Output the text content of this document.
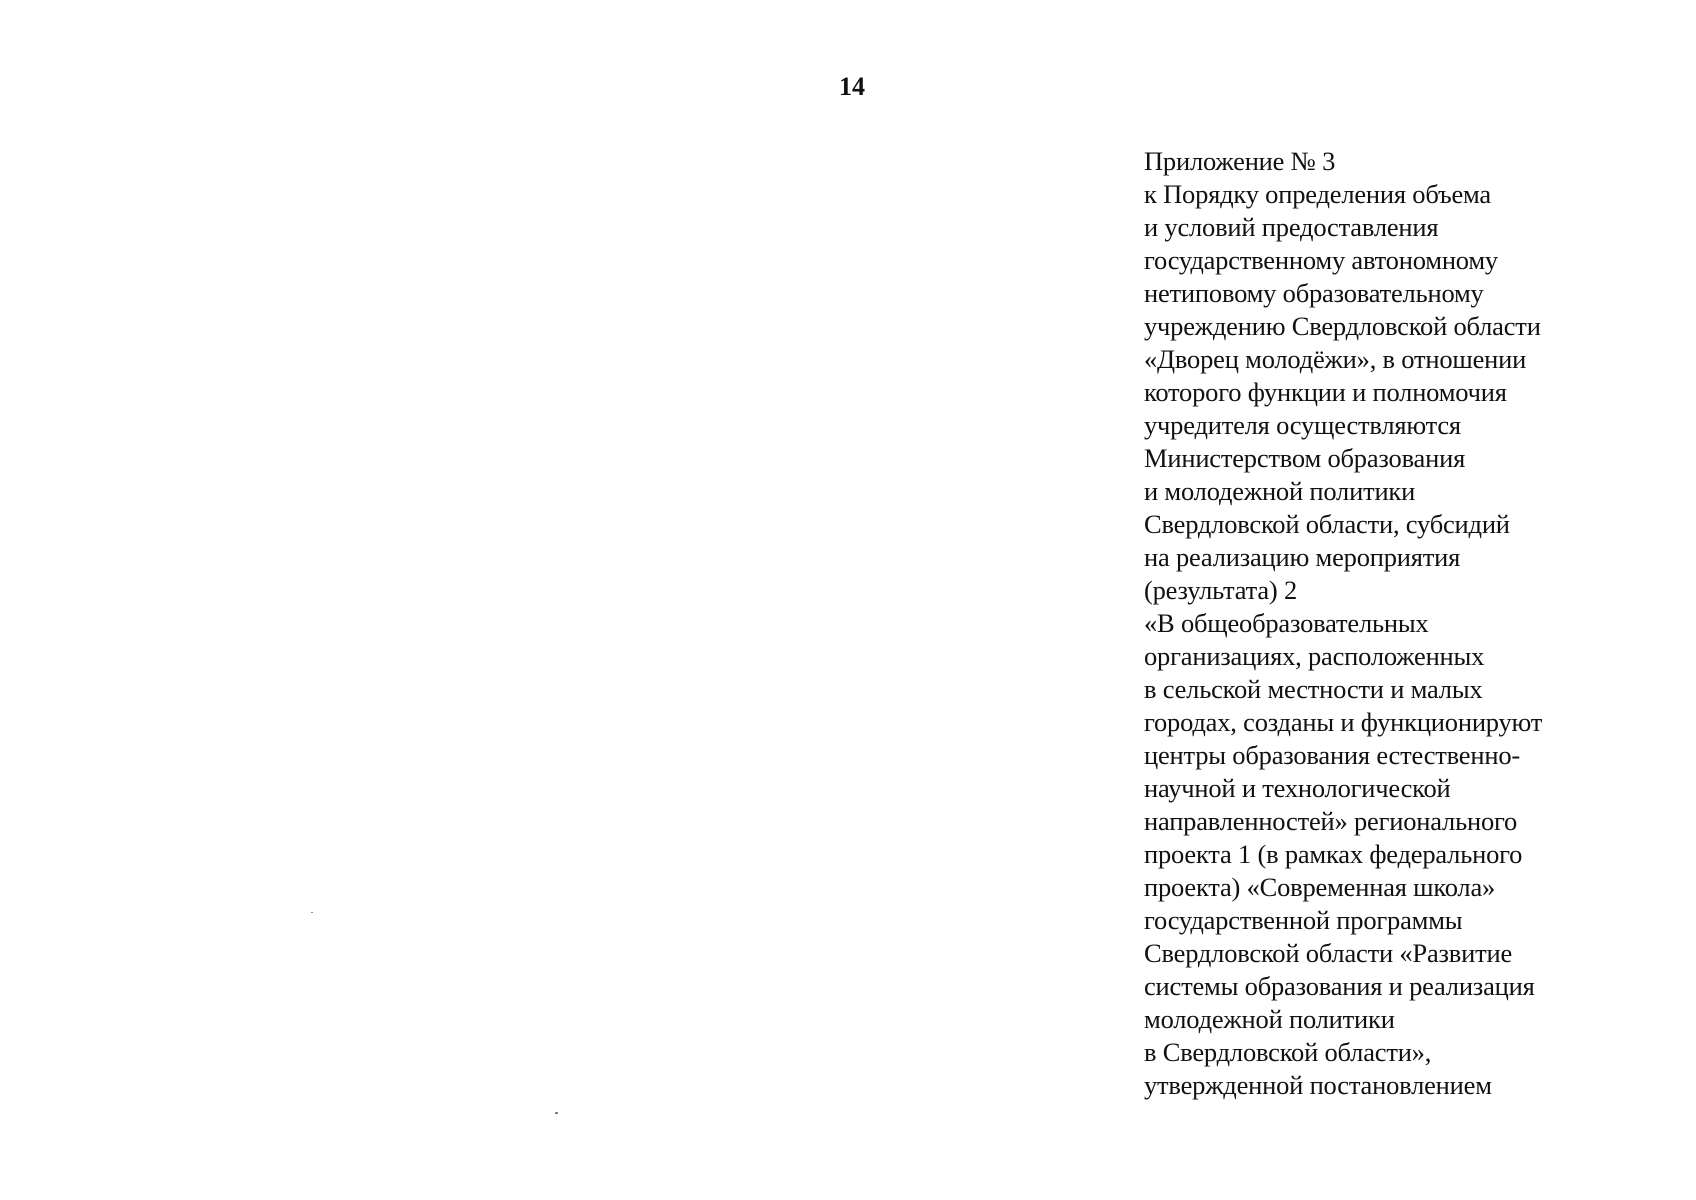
14
Приложение № 3
к Порядку определения объема
и условий предоставления
государственному автономному
нетиповому образовательному
учреждению Свердловской области
«Дворец молодёжи», в отношении
которого функции и полномочия
учредителя осуществляются
Министерством образования
и молодежной политики
Свердловской области, субсидий
на реализацию мероприятия
(результата) 2
«В общеобразовательных
организациях, расположенных
в сельской местности и малых
городах, созданы и функционируют
центры образования естественно-
научной и технологической
направленностей» регионального
проекта 1 (в рамках федерального
проекта) «Современная школа»
государственной программы
Свердловской области «Развитие
системы образования и реализация
молодежной политики
в Свердловской области»,
утвержденной постановлением
